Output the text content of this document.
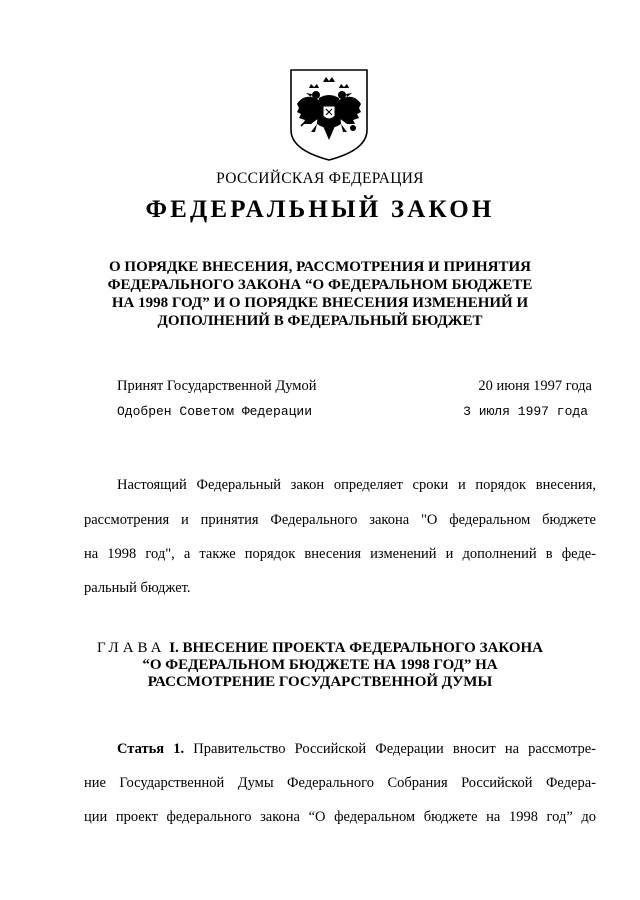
РОССИЙСКАЯ ФЕДЕРАЦИЯ
ФЕДЕРАЛЬНЫЙ ЗАКОН
О ПОРЯДКЕ ВНЕСЕНИЯ, РАССМОТРЕНИЯ И ПРИНЯТИЯ
ФЕДЕРАЛЬНОГО ЗАКОНА “О ФЕДЕРАЛЬНОМ БЮДЖЕТЕ
НА 1998 ГОД” И О ПОРЯДКЕ ВНЕСЕНИЯ ИЗМЕНЕНИЙ И
ДОПОЛНЕНИЙ В ФЕДЕРАЛЬНЫЙ БЮДЖЕТ
Принят Государственной Думой	20 июня 1997 года
Одобрен Советом Федерации	3 июля 1997 года
Настоящий Федеральный закон определяет сроки и порядок внесения,
рассмотрения и принятия Федерального закона "О федеральном бюджете
на 1998 год", а также порядок внесения изменений и дополнений в феде-
ральный бюджет.
ГЛАВА I. ВНЕСЕНИЕ ПРОЕКТА ФЕДЕРАЛЬНОГО ЗАКОНА
“О ФЕДЕРАЛЬНОМ БЮДЖЕТЕ НА 1998 ГОД” НА
РАССМОТРЕНИЕ ГОСУДАРСТВЕННОЙ ДУМЫ
Статья 1. Правительство Российской Федерации вносит на рассмотре-
ние Государственной Думы Федерального Собрания Российской Федера-
ции проект федерального закона “О федеральном бюджете на 1998 год” до
